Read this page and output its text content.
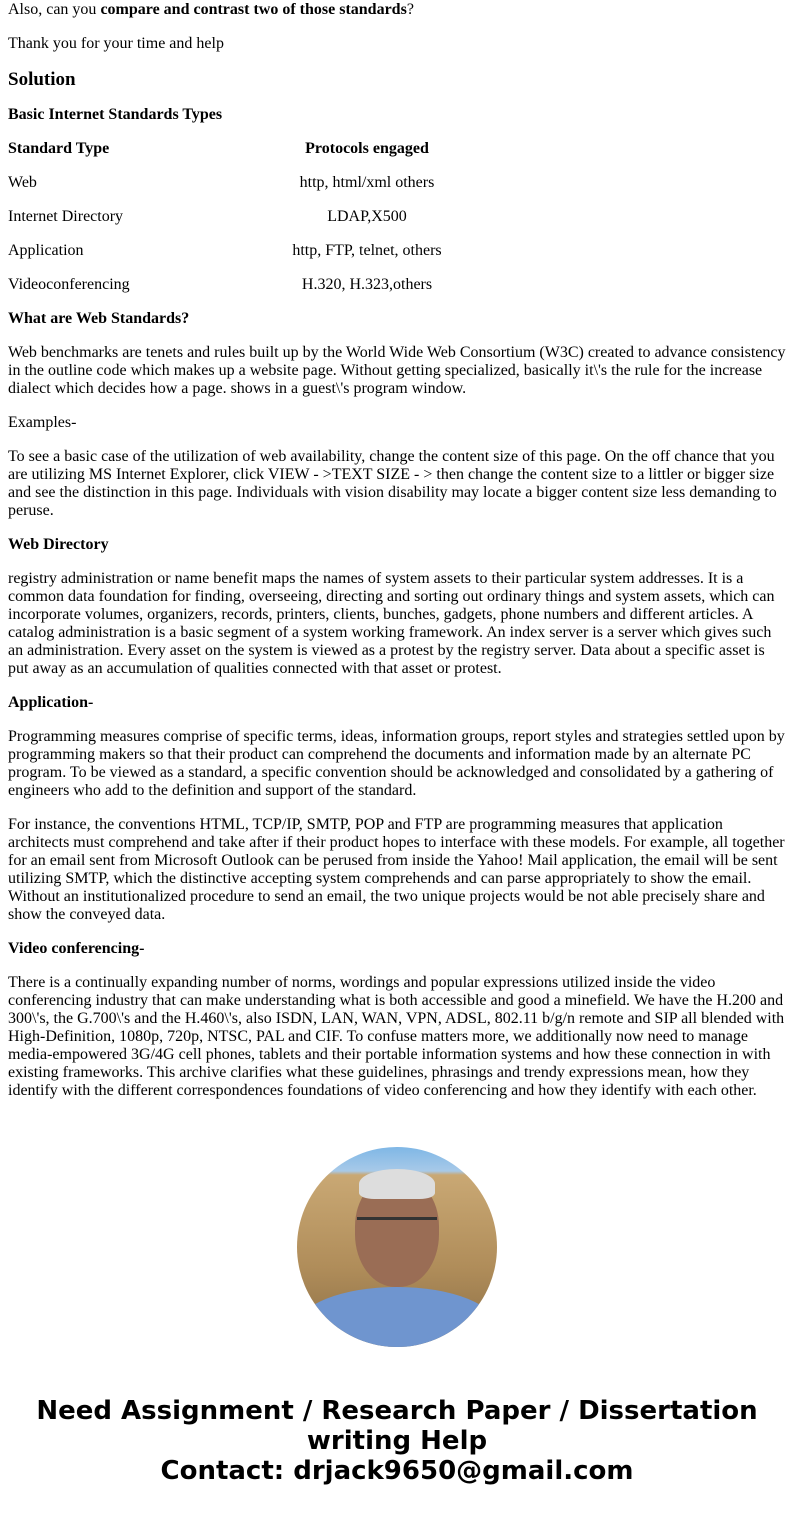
Also, can you compare and contrast two of those standards?

Thank you for your time and help

Solution

Basic Internet Standards Types

Standard Type	Protocols engaged
Web	http, html/xml others
Internet Directory	LDAP,X500
Application	http, FTP, telnet, others
Videoconferencing	H.320, H.323,others

What are Web Standards?

Web benchmarks are tenets and rules built up by the World Wide Web Consortium (W3C) created to advance consistency in the outline code which makes up a website page. Without getting specialized, basically it\'s the rule for the increase dialect which decides how a page. shows in a guest\'s program window.

Examples-

To see a basic case of the utilization of web availability, change the content size of this page. On the off chance that you are utilizing MS Internet Explorer, click VIEW - >TEXT SIZE - > then change the content size to a littler or bigger size and see the distinction in this page. Individuals with vision disability may locate a bigger content size less demanding to peruse.

Web Directory

registry administration or name benefit maps the names of system assets to their particular system addresses. It is a common data foundation for finding, overseeing, directing and sorting out ordinary things and system assets, which can incorporate volumes, organizers, records, printers, clients, bunches, gadgets, phone numbers and different articles. A catalog administration is a basic segment of a system working framework. An index server is a server which gives such an administration. Every asset on the system is viewed as a protest by the registry server. Data about a specific asset is put away as an accumulation of qualities connected with that asset or protest.

Application-

Programming measures comprise of specific terms, ideas, information groups, report styles and strategies settled upon by programming makers so that their product can comprehend the documents and information made by an alternate PC program. To be viewed as a standard, a specific convention should be acknowledged and consolidated by a gathering of engineers who add to the definition and support of the standard.

For instance, the conventions HTML, TCP/IP, SMTP, POP and FTP are programming measures that application architects must comprehend and take after if their product hopes to interface with these models. For example, all together for an email sent from Microsoft Outlook can be perused from inside the Yahoo! Mail application, the email will be sent utilizing SMTP, which the distinctive accepting system comprehends and can parse appropriately to show the email. Without an institutionalized procedure to send an email, the two unique projects would be not able precisely share and show the conveyed data.

Video conferencing-

There is a continually expanding number of norms, wordings and popular expressions utilized inside the video conferencing industry that can make understanding what is both accessible and good a minefield. We have the H.200 and 300\'s, the G.700\'s and the H.460\'s, also ISDN, LAN, WAN, VPN, ADSL, 802.11 b/g/n remote and SIP all blended with High-Definition, 1080p, 720p, NTSC, PAL and CIF. To confuse matters more, we additionally now need to manage media-empowered 3G/4G cell phones, tablets and their portable information systems and how these connection in with existing frameworks. This archive clarifies what these guidelines, phrasings and trendy expressions mean, how they identify with the different correspondences foundations of video conferencing and how they identify with each other.

Need Assignment / Research Paper / Dissertation writing Help
Contact: drjack9650@gmail.com
